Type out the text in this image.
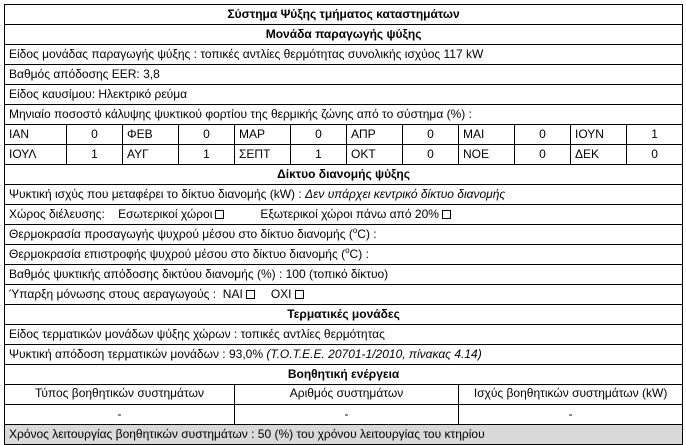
Σύστημα Ψύξης τμήματος καταστημάτων											
Μονάδα παραγωγής ψύξης											
Είδος μονάδας παραγωγής ψύξης : τοπικές αντλίες θερμότητας συνολικής ισχύος 117 kW											
Βαθμός απόδοσης EER: 3,8											
Είδος καυσίμου: Ηλεκτρικό ρεύμα											
Μηνιαίο ποσοστό κάλυψης ψυκτικού φορτίου της θερμικής ζώνης από το σύστημα (%) :											
ΙΑΝ	0	ΦΕΒ	0	ΜΑΡ	0	ΑΠΡ	0	ΜΑΙ	0	ΙΟΥΝ	1
ΙΟΥΛ	1	ΑΥΓ	1	ΣΕΠΤ	1	ΟΚΤ	0	ΝΟΕ	0	ΔΕΚ	0
Δίκτυο διανομής ψύξης											
Ψυκτική ισχύς που μεταφέρει το δίκτυο διανομής (kW) : Δεν υπάρχει κεντρικό δίκτυο διανομής											
Χώρος διέλευσης: Εσωτερικοί χώροι Εξωτερικοί χώροι πάνω από 20%											
Θερμοκρασία προσαγωγής ψυχρού μέσου στο δίκτυο διανομής ($^o$C) :											
Θερμοκρασία επιστροφής ψυχρού μέσου στο δίκτυο διανομής ($^o$C) :											
Βαθμός ψυκτικής απόδοσης δικτύου διανομής (%) : 100 (τοπικό δίκτυο)											
Ύπαρξη μόνωσης στους αεραγωγούς : ΝΑΙ ΟΧΙ											
Τερματικές μονάδες											
Είδος τερματικών μονάδων ψύξης χώρων : τοπικές αντλίες θερμότητας											
Ψυκτική απόδοση τερματικών μονάδων : 93,0% (Τ.Ο.Τ.Ε.Ε. 20701-1/2010, πίνακας 4.14)											
Βοηθητική ενέργεια											
Τύπος βοηθητικών συστημάτων				Αριθμός συστημάτων				Ισχύς βοηθητικών συστημάτων (kW)			
-				-				-			
Χρόνος λειτουργίας βοηθητικών συστημάτων : 50 (%) του χρόνου λειτουργίας του κτηρίου											
